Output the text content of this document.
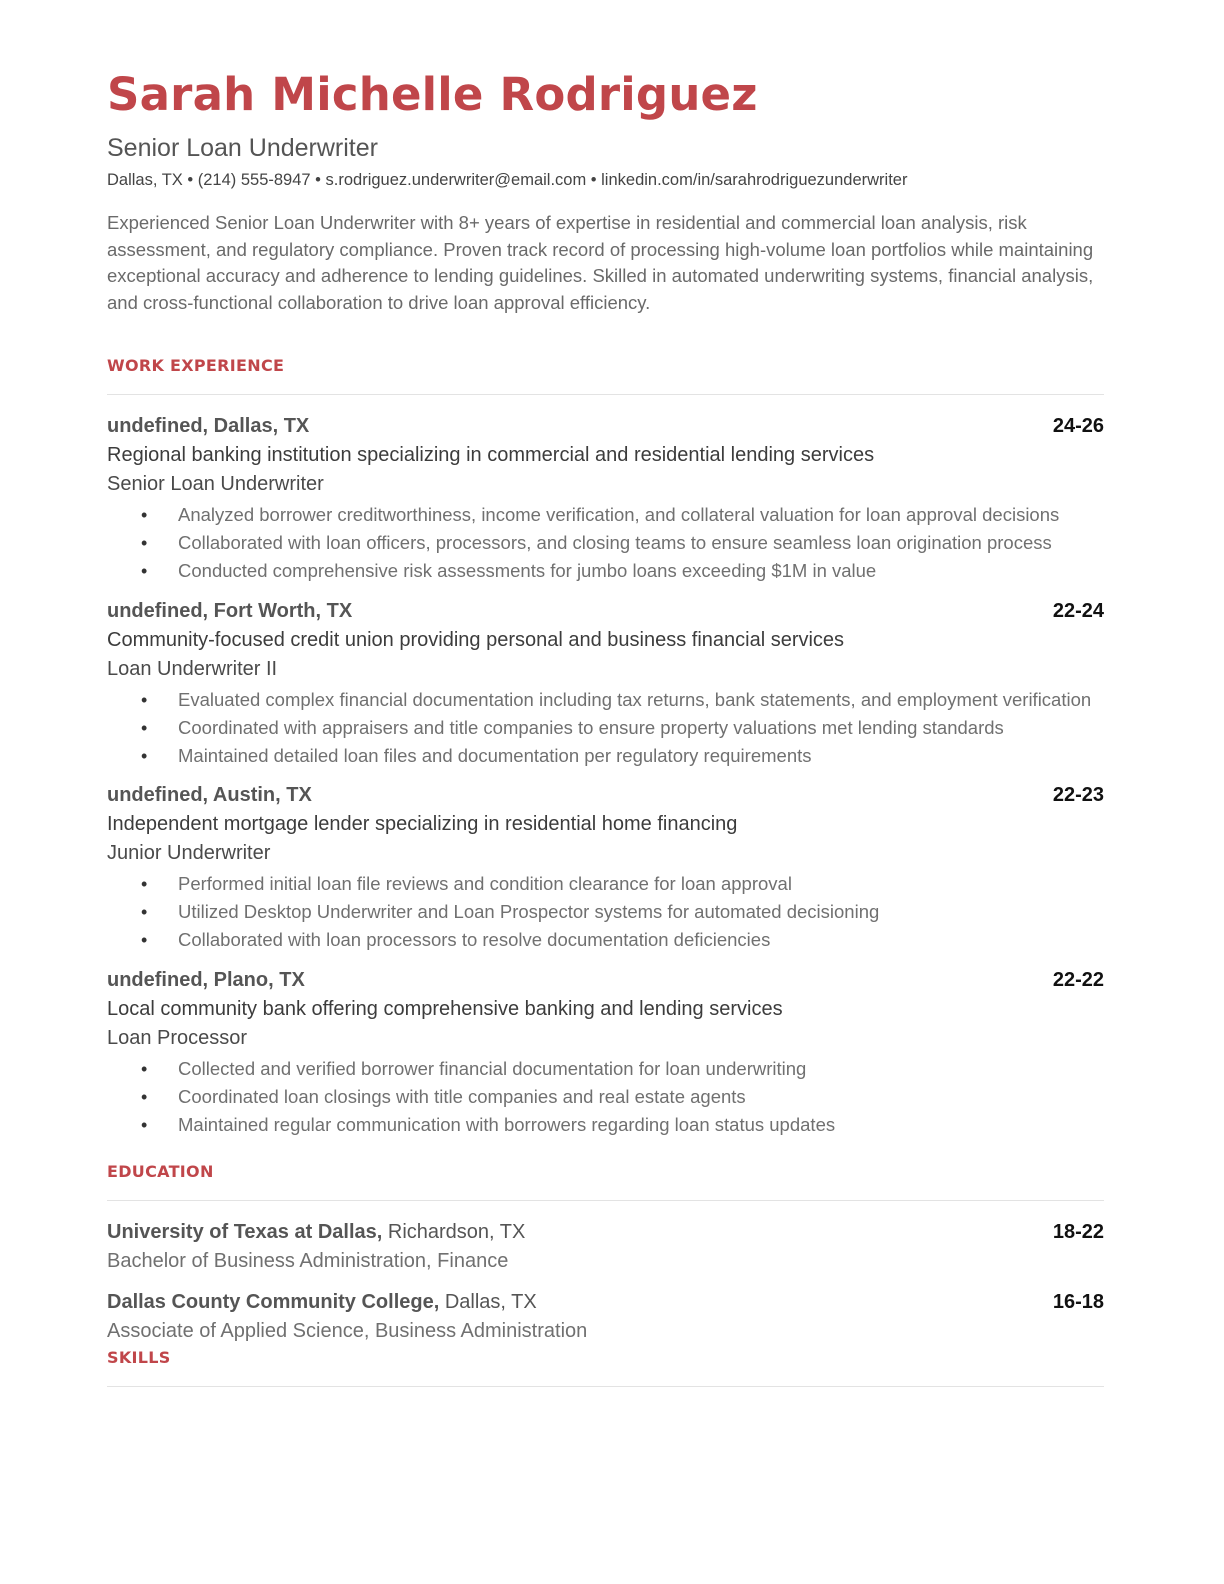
Sarah Michelle Rodriguez
Senior Loan Underwriter
Dallas, TX • (214) 555-8947 • s.rodriguez.underwriter@email.com • linkedin.com/in/sarahrodriguezunderwriter
Experienced Senior Loan Underwriter with 8+ years of expertise in residential and commercial loan analysis, risk assessment, and regulatory compliance. Proven track record of processing high-volume loan portfolios while maintaining exceptional accuracy and adherence to lending guidelines. Skilled in automated underwriting systems, financial analysis, and cross-functional collaboration to drive loan approval efficiency.
WORK EXPERIENCE
undefined, Dallas, TX	24-26
Regional banking institution specializing in commercial and residential lending services
Senior Loan Underwriter
• Analyzed borrower creditworthiness, income verification, and collateral valuation for loan approval decisions
• Collaborated with loan officers, processors, and closing teams to ensure seamless loan origination process
• Conducted comprehensive risk assessments for jumbo loans exceeding $1M in value
undefined, Fort Worth, TX	22-24
Community-focused credit union providing personal and business financial services
Loan Underwriter II
• Evaluated complex financial documentation including tax returns, bank statements, and employment verification
• Coordinated with appraisers and title companies to ensure property valuations met lending standards
• Maintained detailed loan files and documentation per regulatory requirements
undefined, Austin, TX	22-23
Independent mortgage lender specializing in residential home financing
Junior Underwriter
• Performed initial loan file reviews and condition clearance for loan approval
• Utilized Desktop Underwriter and Loan Prospector systems for automated decisioning
• Collaborated with loan processors to resolve documentation deficiencies
undefined, Plano, TX	22-22
Local community bank offering comprehensive banking and lending services
Loan Processor
• Collected and verified borrower financial documentation for loan underwriting
• Coordinated loan closings with title companies and real estate agents
• Maintained regular communication with borrowers regarding loan status updates
EDUCATION
University of Texas at Dallas, Richardson, TX	18-22
Bachelor of Business Administration, Finance
Dallas County Community College, Dallas, TX	16-18
Associate of Applied Science, Business Administration
SKILLS
